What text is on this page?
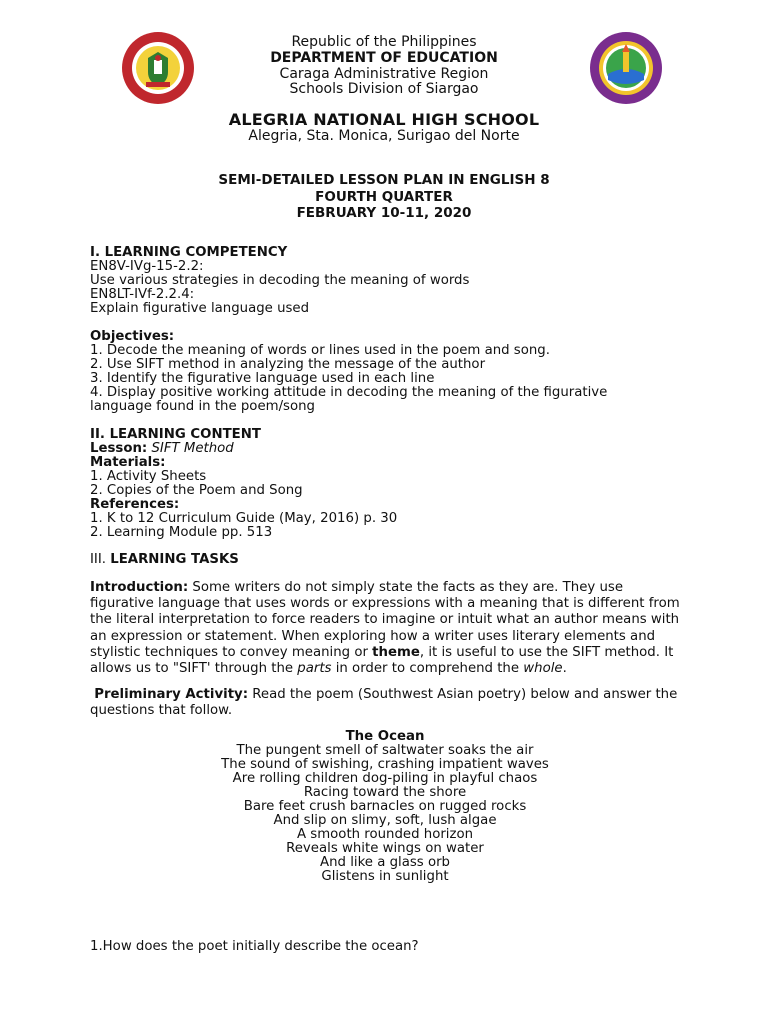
Republic of the Philippines
DEPARTMENT OF EDUCATION
Caraga Administrative Region
Schools Division of Siargao
ALEGRIA NATIONAL HIGH SCHOOL
Alegria, Sta. Monica, Surigao del Norte
SEMI-DETAILED LESSON PLAN IN ENGLISH 8
FOURTH QUARTER
FEBRUARY 10-11, 2020

I. LEARNING COMPETENCY

EN8V-IVg-15-2.2:

Use various strategies in decoding the meaning of words

EN8LT-IVf-2.2.4:

Explain figurative language used

Objectives:

1. Decode the meaning of words or lines used in the poem and song.

2. Use SIFT method in analyzing the message of the author

3. Identify the figurative language used in each line

4. Display positive working attitude in decoding the meaning of the figurative

language found in the poem/song

II. LEARNING CONTENT

Lesson: SIFT Method

Materials:

1. Activity Sheets

2. Copies of the Poem and Song

References:

1. K to 12 Curriculum Guide (May, 2016) p. 30

2. Learning Module pp. 513

III. LEARNING TASKS

Introduction: Some writers do not simply state the facts as they are. They use figurative language that uses words or expressions with a meaning that is different from the literal interpretation to force readers to imagine or intuit what an author means with an expression or statement. When exploring how a writer uses literary elements and stylistic techniques to convey meaning or theme, it is useful to use the SIFT method. It allows us to "SIFT' through the parts in order to comprehend the whole.

Preliminary Activity: Read the poem (Southwest Asian poetry) below and answer the questions that follow.

The Ocean

The pungent smell of saltwater soaks the air

The sound of swishing, crashing impatient waves

Are rolling children dog-piling in playful chaos

Racing toward the shore

Bare feet crush barnacles on rugged rocks

And slip on slimy, soft, lush algae

A smooth rounded horizon

Reveals white wings on water

And like a glass orb

Glistens in sunlight

1.How does the poet initially describe the ocean?
